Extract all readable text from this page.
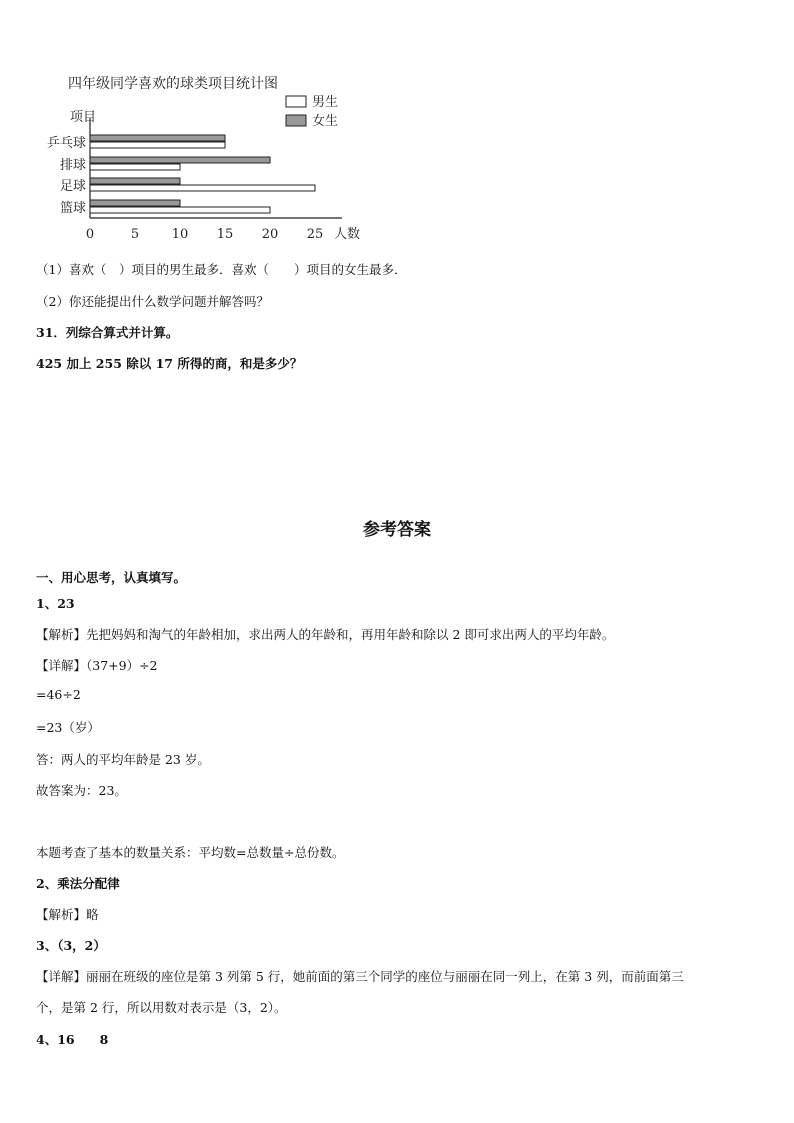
四年级同学喜欢的球类项目统计图
项目
男生
女生
人数
乒乓球
排球
足球
篮球
0	5	10 15 20 25
（1）喜欢（　）项目的男生最多．喜欢（　　）项目的女生最多．
（2）你还能提出什么数学问题并解答吗？
31．列综合算式并计算。
425 加上 255 除以 17 所得的商，和是多少？
参考答案
一、用心思考，认真填写。
1、23
【解析】先把妈妈和淘气的年龄相加，求出两人的年龄和，再用年龄和除以 2 即可求出两人的平均年龄。
【详解】（37+9）÷2
=46÷2
=23（岁）
答：两人的平均年龄是 23 岁。
故答案为：23。
本题考查了基本的数量关系：平均数=总数量÷总份数。
2、乘法分配律
【解析】略
3、（3，2）
【详解】丽丽在班级的座位是第 3 列第 5 行，她前面的第三个同学的座位与丽丽在同一列上，在第 3 列，而前面第三
个，是第 2 行，所以用数对表示是（3，2）。
4、16　　8
